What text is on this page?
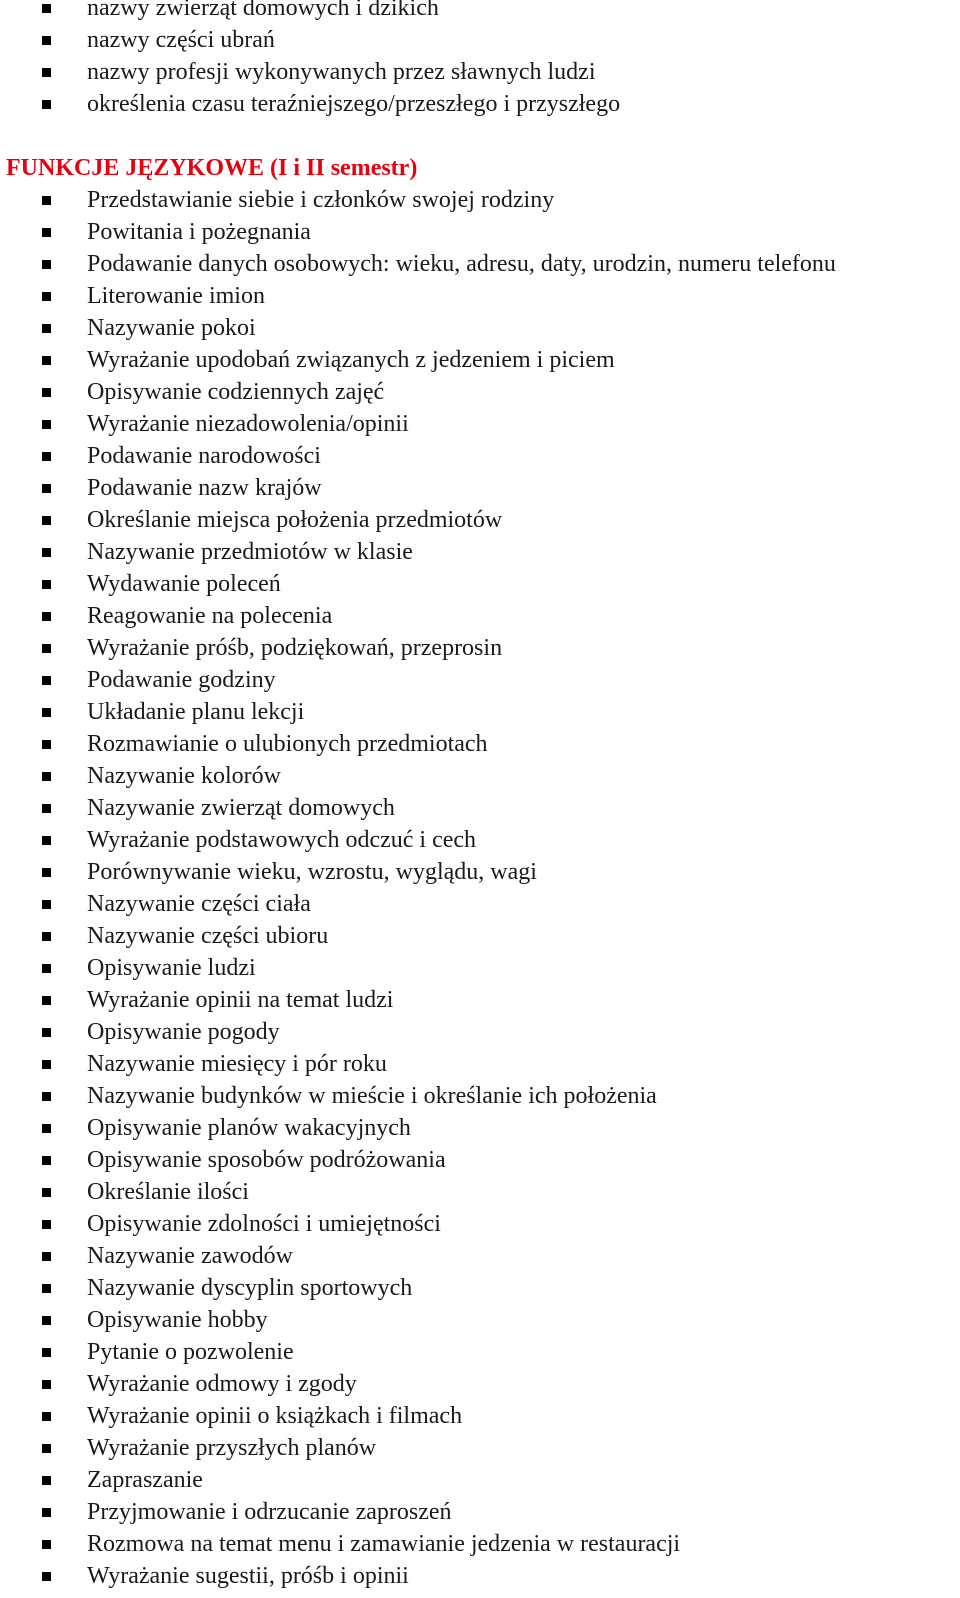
nazwy zwierząt domowych i dzikich
nazwy części ubrań
nazwy profesji wykonywanych przez sławnych ludzi
określenia czasu teraźniejszego/przeszłego i przyszłego
FUNKCJE JĘZYKOWE (I i II semestr)
Przedstawianie siebie i członków swojej rodziny
Powitania i pożegnania
Podawanie danych osobowych: wieku, adresu, daty, urodzin, numeru telefonu
Literowanie imion
Nazywanie pokoi
Wyrażanie upodobań związanych z jedzeniem i piciem
Opisywanie codziennych zajęć
Wyrażanie niezadowolenia/opinii
Podawanie narodowości
Podawanie nazw krajów
Określanie miejsca położenia przedmiotów
Nazywanie przedmiotów w klasie
Wydawanie poleceń
Reagowanie na polecenia
Wyrażanie próśb, podziękowań, przeprosin
Podawanie godziny
Układanie planu lekcji
Rozmawianie o ulubionych przedmiotach
Nazywanie kolorów
Nazywanie zwierząt domowych
Wyrażanie podstawowych odczuć i cech
Porównywanie wieku, wzrostu, wyglądu, wagi
Nazywanie części ciała
Nazywanie części ubioru
Opisywanie ludzi
Wyrażanie opinii na temat ludzi
Opisywanie pogody
Nazywanie miesięcy i pór roku
Nazywanie budynków w mieście i określanie ich położenia
Opisywanie planów wakacyjnych
Opisywanie sposobów podróżowania
Określanie ilości
Opisywanie zdolności i umiejętności
Nazywanie zawodów
Nazywanie dyscyplin sportowych
Opisywanie hobby
Pytanie o pozwolenie
Wyrażanie odmowy i zgody
Wyrażanie opinii o książkach i filmach
Wyrażanie przyszłych planów
Zapraszanie
Przyjmowanie i odrzucanie zaproszeń
Rozmowa na temat menu i zamawianie jedzenia w restauracji
Wyrażanie sugestii, próśb i opinii
